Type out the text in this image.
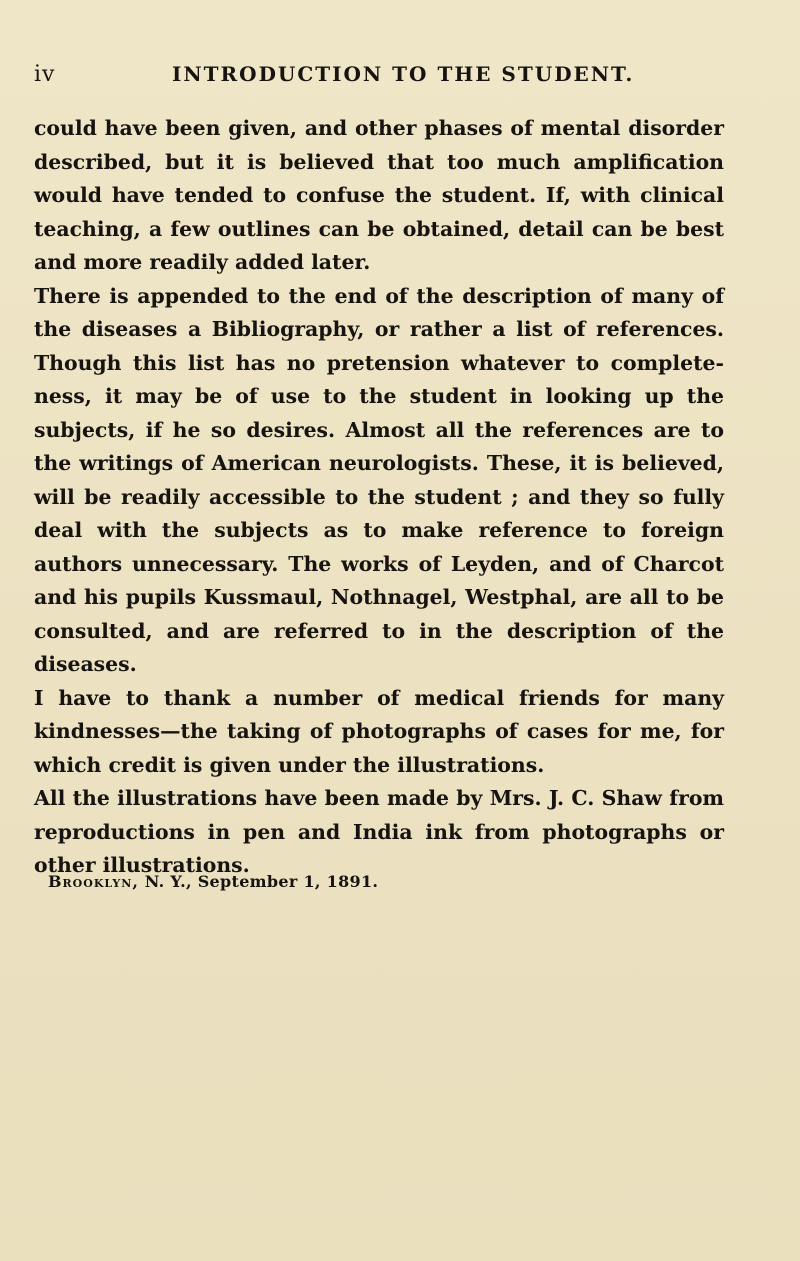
iv	INTRODUCTION TO THE STUDENT.

could have been given, and other phases of mental disorder described, but it is believed that too much amplification would have tended to confuse the student. If, with clinical teaching, a few outlines can be obtained, detail can be best and more readily added later.

There is appended to the end of the description of many of the diseases a Bibliography, or rather a list of references. Though this list has no pretension whatever to complete-ness, it may be of use to the student in looking up the subjects, if he so desires. Almost all the references are to the writings of American neurologists. These, it is believed, will be readily accessible to the student ; and they so fully deal with the subjects as to make reference to foreign authors unnecessary. The works of Leyden, and of Charcot and his pupils Kussmaul, Nothnagel, Westphal, are all to be consulted, and are referred to in the description of the diseases.

I have to thank a number of medical friends for many kindnesses—the taking of photographs of cases for me, for which credit is given under the illustrations.

All the illustrations have been made by Mrs. J. C. Shaw from reproductions in pen and India ink from photographs or other illustrations.

Brooklyn, N. Y., September 1, 1891.
